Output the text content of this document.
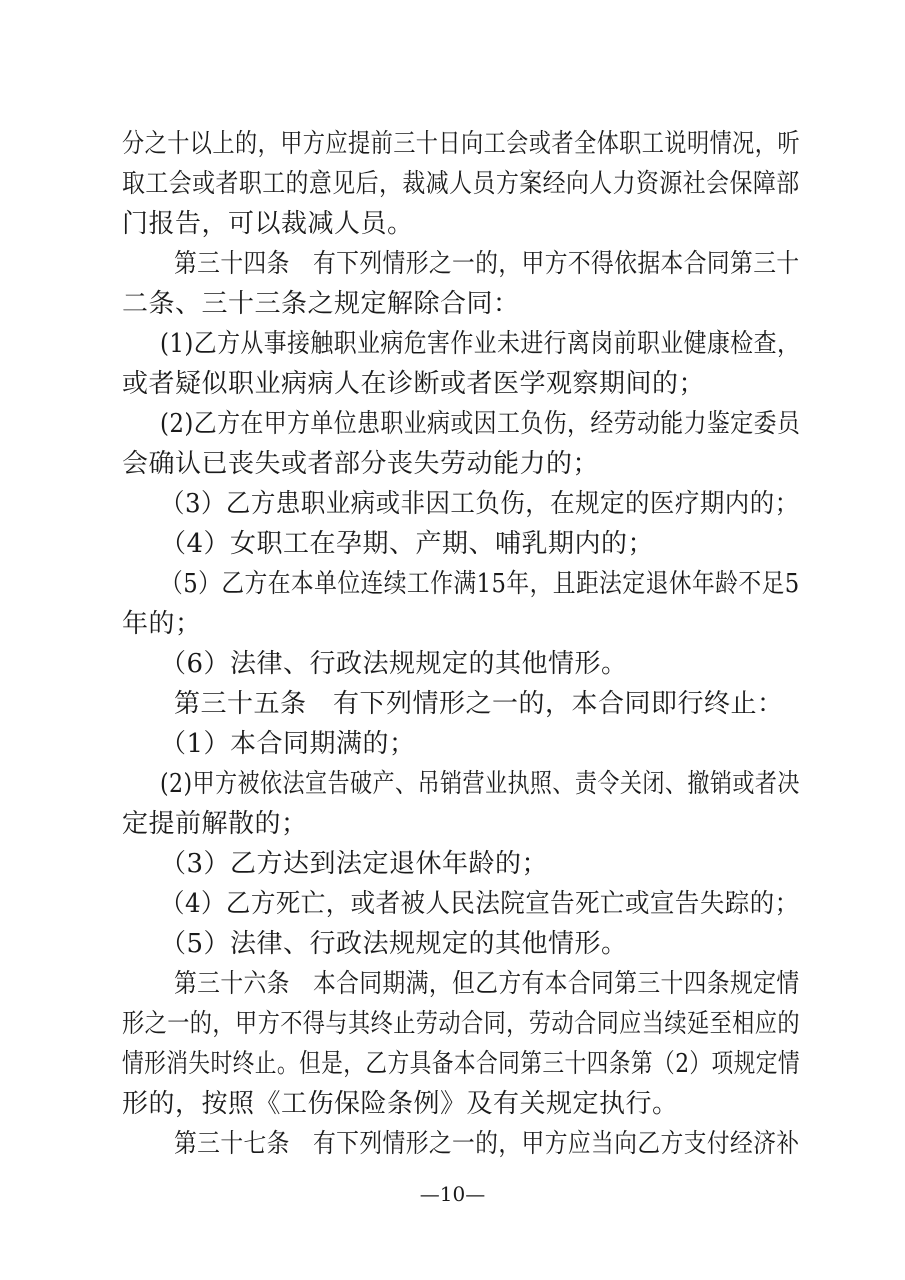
分之十以上的，甲方应提前三十日向工会或者全体职工说明情况，听
取工会或者职工的意见后，裁减人员方案经向人力资源社会保障部
门报告，可以裁减人员。
第三十四条　有下列情形之一的，甲方不得依据本合同第三十
二条、三十三条之规定解除合同：
(1)乙方从事接触职业病危害作业未进行离岗前职业健康检查，
或者疑似职业病病人在诊断或者医学观察期间的；
(2)乙方在甲方单位患职业病或因工负伤，经劳动能力鉴定委员
会确认已丧失或者部分丧失劳动能力的；
（3）乙方患职业病或非因工负伤，在规定的医疗期内的；
（4）女职工在孕期、产期、哺乳期内的；
（5）乙方在本单位连续工作满15年，且距法定退休年龄不足5
年的；
（6）法律、行政法规规定的其他情形。
第三十五条　有下列情形之一的，本合同即行终止：
（1）本合同期满的；
(2)甲方被依法宣告破产、吊销营业执照、责令关闭、撤销或者决
定提前解散的；
（3）乙方达到法定退休年龄的；
（4）乙方死亡，或者被人民法院宣告死亡或宣告失踪的；
（5）法律、行政法规规定的其他情形。
第三十六条　本合同期满，但乙方有本合同第三十四条规定情
形之一的，甲方不得与其终止劳动合同，劳动合同应当续延至相应的
情形消失时终止。但是，乙方具备本合同第三十四条第（2）项规定情
形的，按照《工伤保险条例》及有关规定执行。
第三十七条　有下列情形之一的，甲方应当向乙方支付经济补
—10—
